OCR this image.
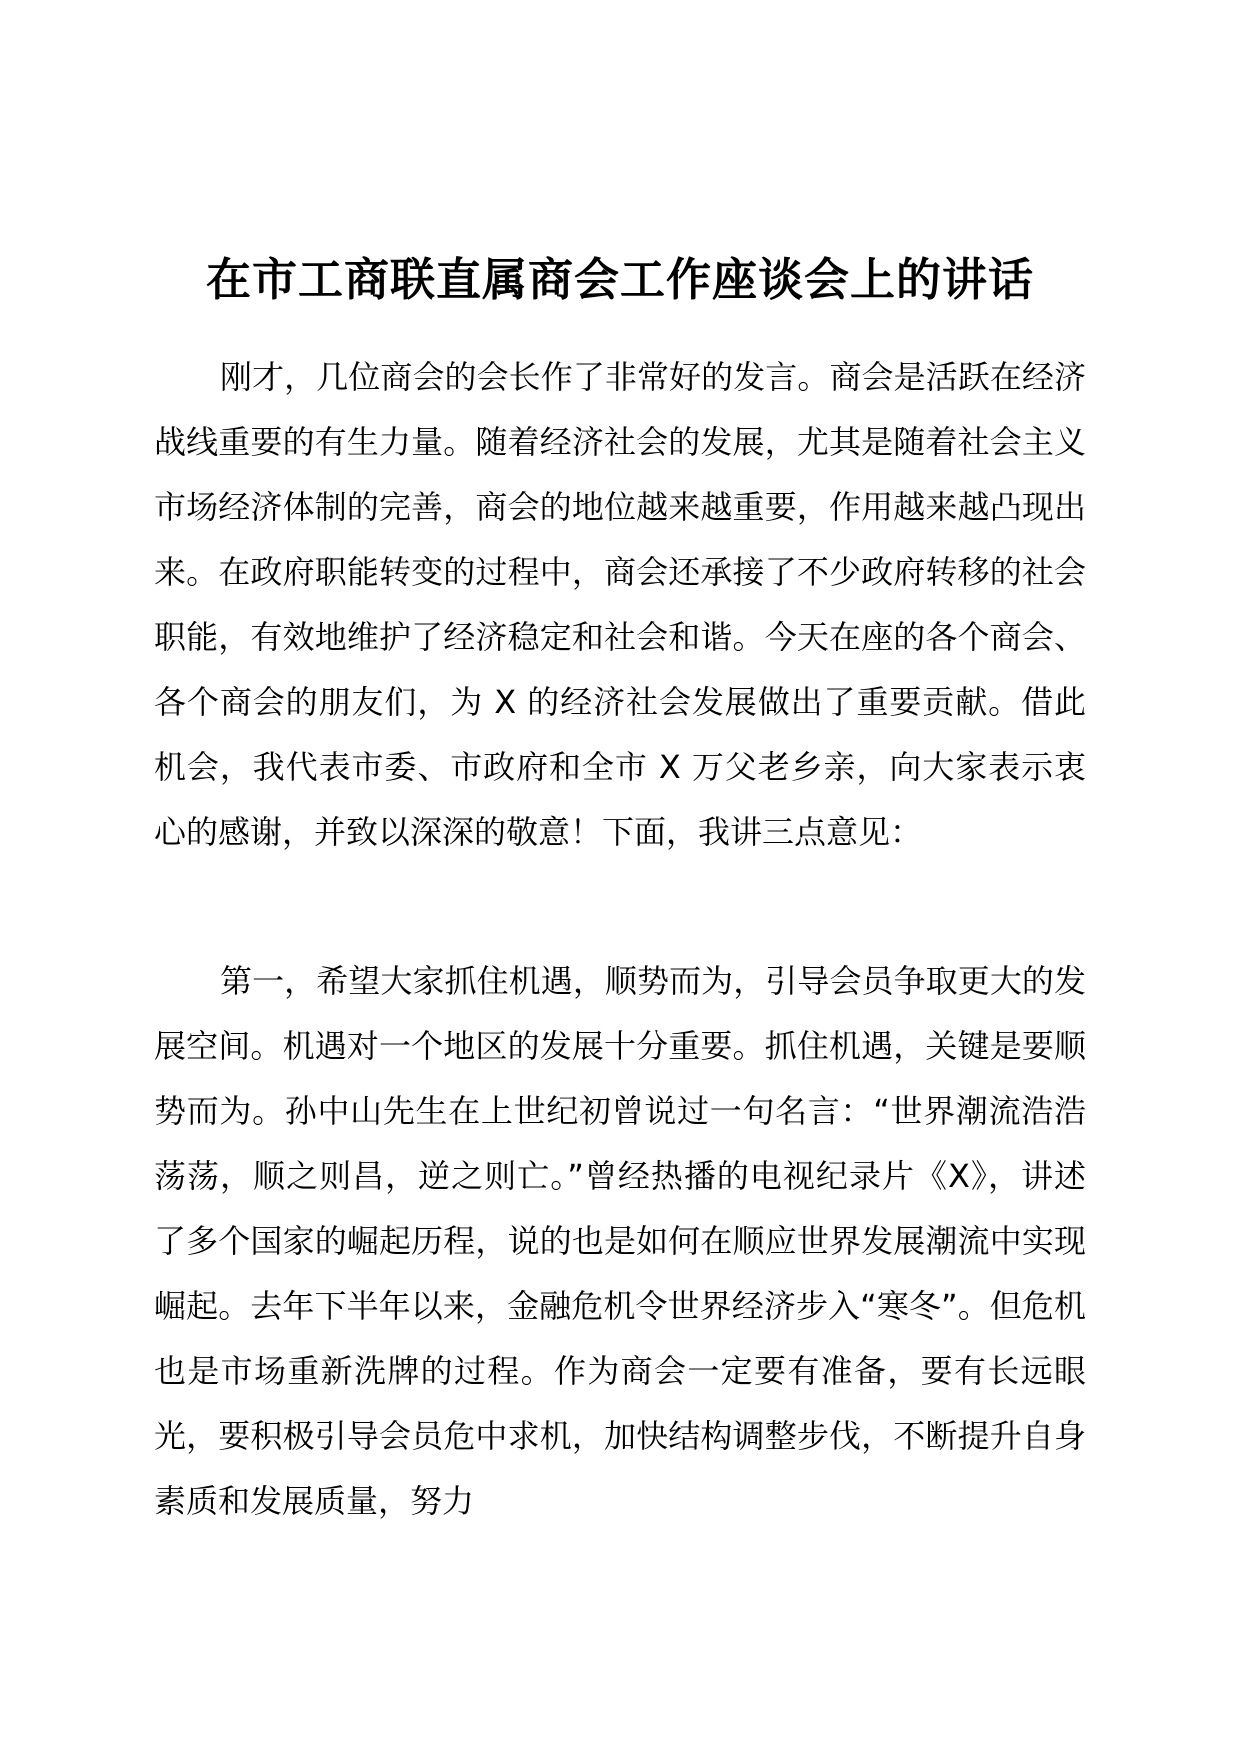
在市工商联直属商会工作座谈会上的讲话

刚才，几位商会的会长作了非常好的发言。商会是活跃在经济战线重要的有生力量。随着经济社会的发展，尤其是随着社会主义市场经济体制的完善，商会的地位越来越重要，作用越来越凸现出来。在政府职能转变的过程中，商会还承接了不少政府转移的社会职能，有效地维护了经济稳定和社会和谐。今天在座的各个商会、各个商会的朋友们，为 X 的经济社会发展做出了重要贡献。借此机会，我代表市委、市政府和全市 X 万父老乡亲，向大家表示衷心的感谢，并致以深深的敬意！下面，我讲三点意见：

第一，希望大家抓住机遇，顺势而为，引导会员争取更大的发展空间。机遇对一个地区的发展十分重要。抓住机遇，关键是要顺势而为。孙中山先生在上世纪初曾说过一句名言：“世界潮流浩浩荡荡，顺之则昌，逆之则亡。”曾经热播的电视纪录片《X》，讲述了多个国家的崛起历程，说的也是如何在顺应世界发展潮流中实现崛起。去年下半年以来，金融危机令世界经济步入“寒冬”。但危机也是市场重新洗牌的过程。作为商会一定要有准备，要有长远眼光，要积极引导会员危中求机，加快结构调整步伐，不断提升自身素质和发展质量，努力
